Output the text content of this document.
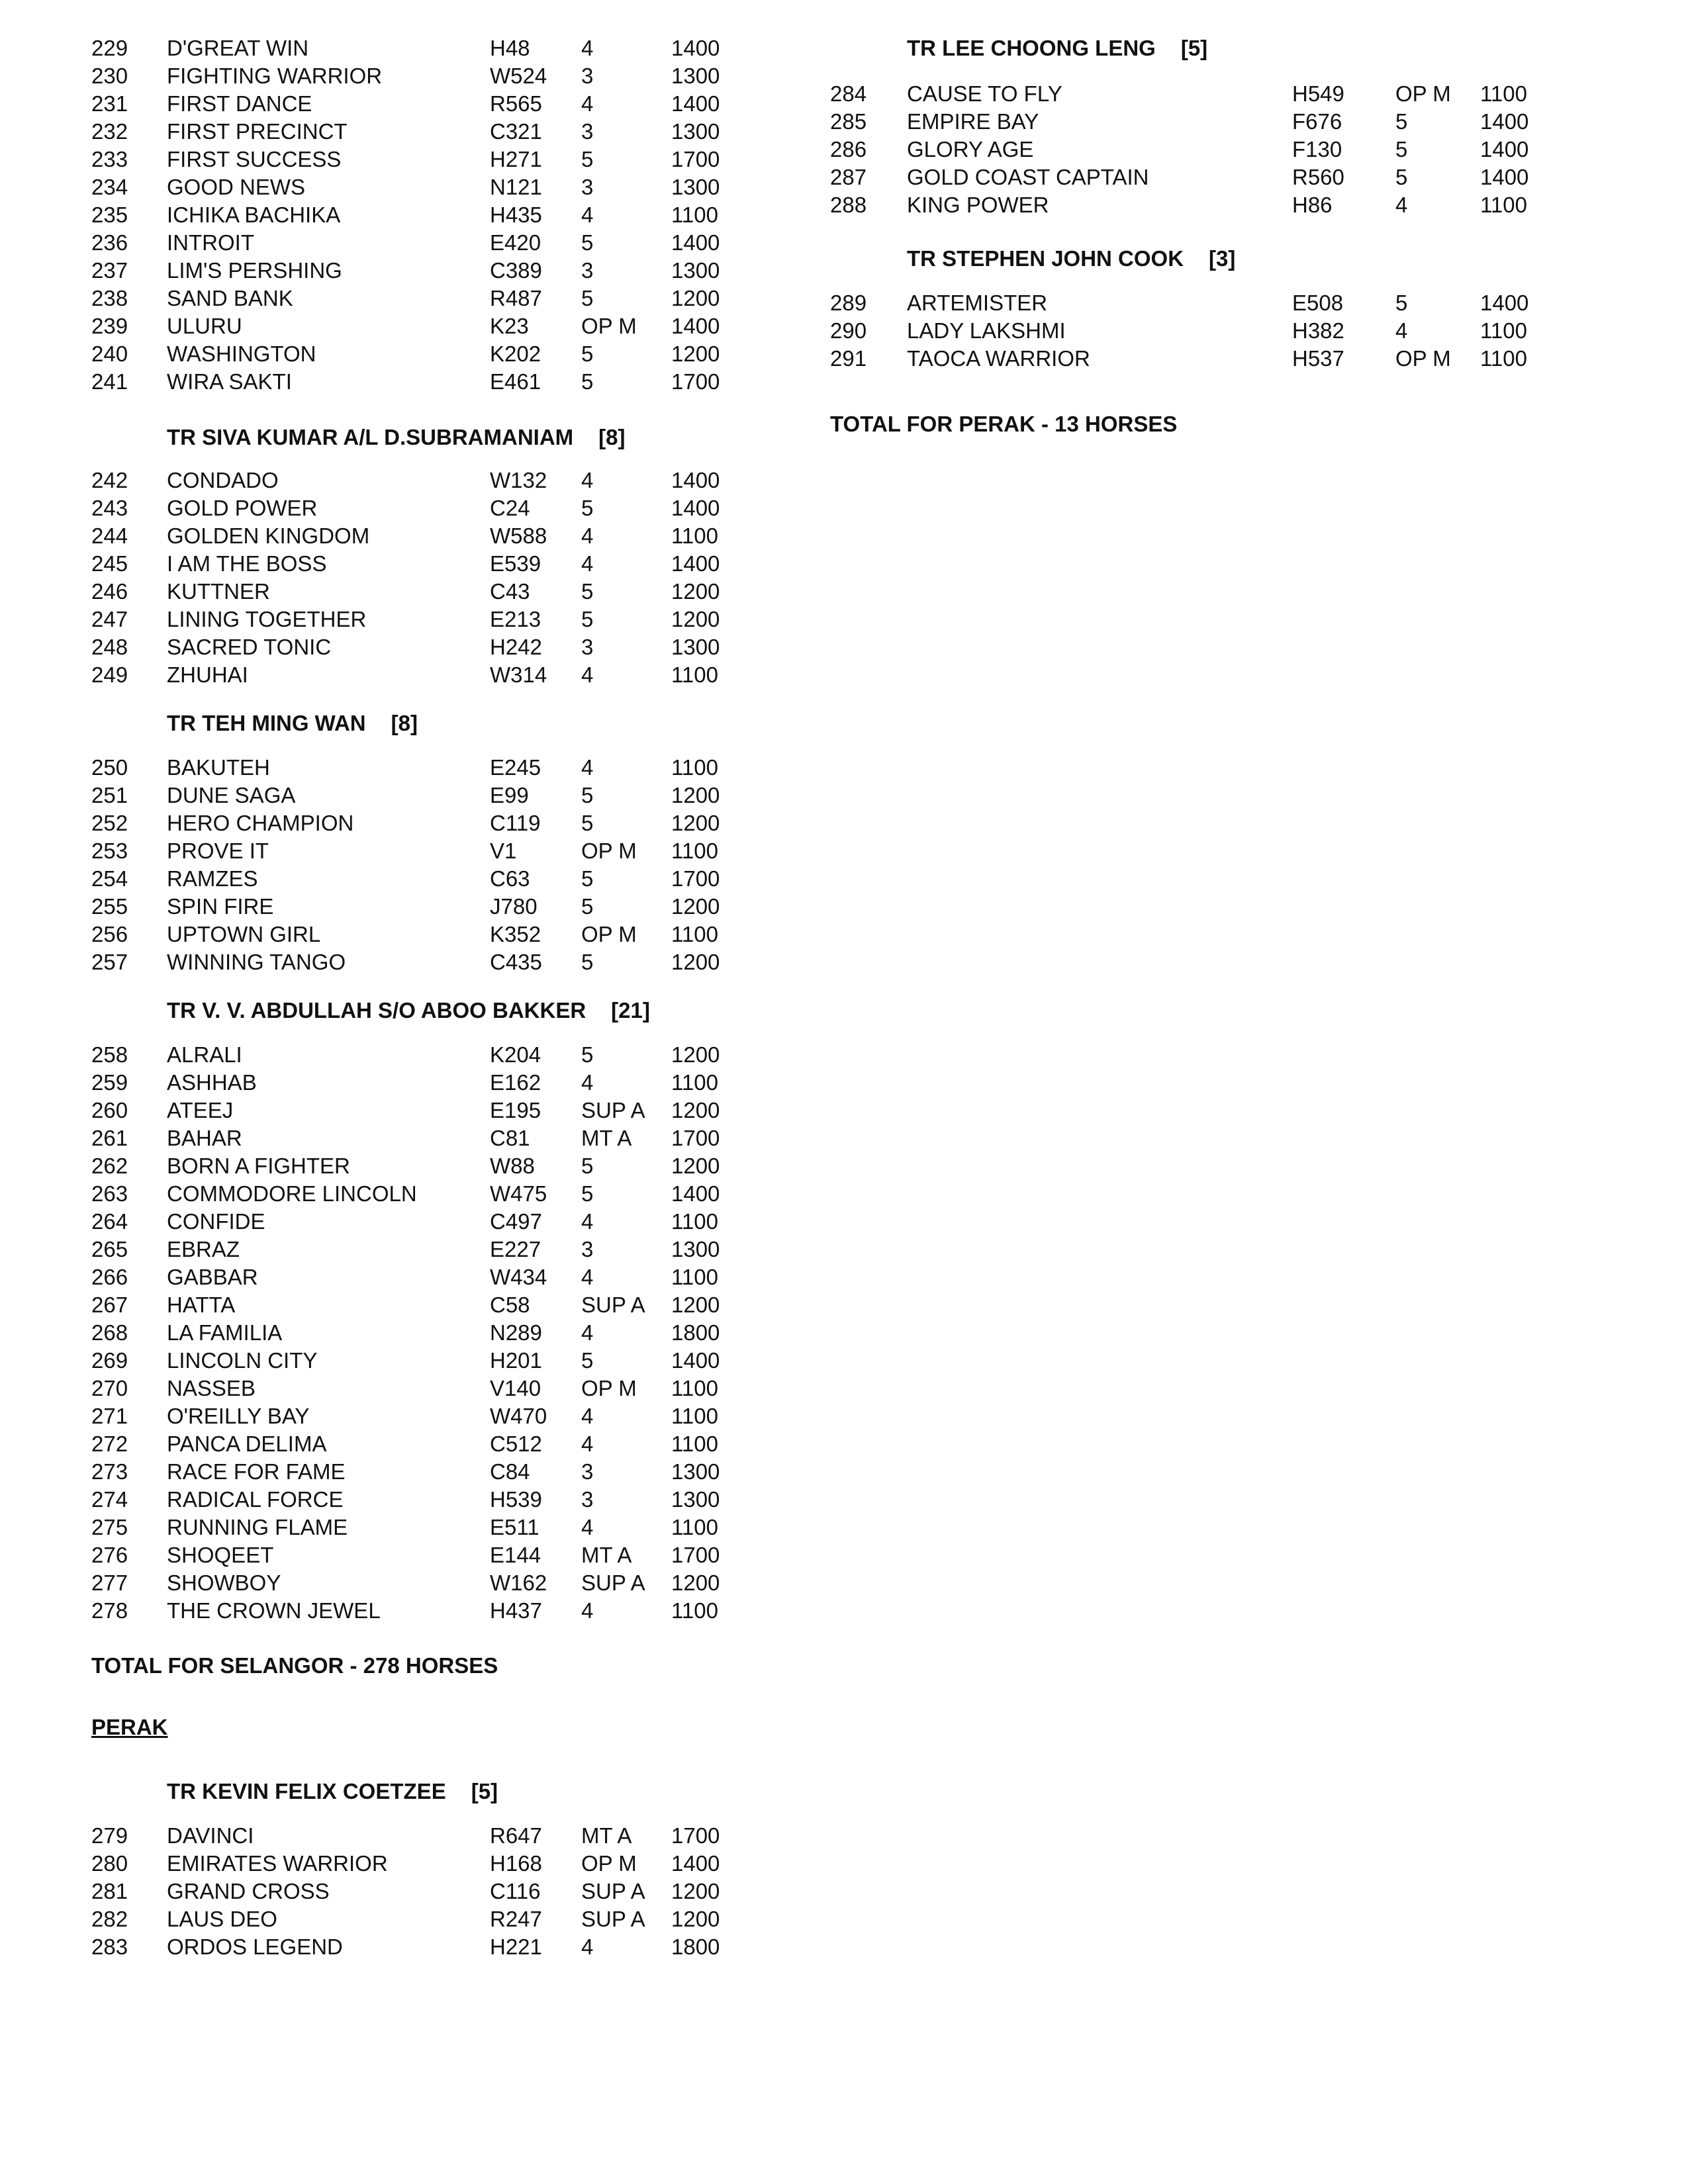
229 D'GREAT WIN	H48 4	1400
230 FIGHTING WARRIOR	W524 3	1300
231 FIRST DANCE	R565 4	1400
232 FIRST PRECINCT	C321 3	1300
233 FIRST SUCCESS	H271 5	1700
234 GOOD NEWS	N121 3	1300
235 ICHIKA BACHIKA	H435 4	1100
236 INTROIT	E420 5	1400
237 LIM'S PERSHING	C389 3	1300
238 SAND BANK	R487 5	1200
239 ULURU	K23 OP M 1400
240 WASHINGTON	K202 5	1200
241 WIRA SAKTI	E461 5	1700
TR SIVA KUMAR A/L D.SUBRAMANIAM [8]
242 CONDADO	W132 4	1400
243 GOLD POWER	C24 5	1400
244 GOLDEN KINGDOM	W588 4	1100
245 I AM THE BOSS	E539 4	1400
246 KUTTNER	C43 5	1200
247 LINING TOGETHER	E213 5	1200
248 SACRED TONIC	H242 3	1300
249 ZHUHAI	W314 4	1100
TR TEH MING WAN [8]
250 BAKUTEH	E245 4	1100
251 DUNE SAGA	E99 5	1200
252 HERO CHAMPION	C119 5	1200
253 PROVE IT	V1	OP M 1100
254 RAMZES	C63 5	1700
255 SPIN FIRE	J780 5	1200
256 UPTOWN GIRL	K352 OP M 1100
257 WINNING TANGO	C435 5	1200
TR V. V. ABDULLAH S/O ABOO BAKKER [21]
258 ALRALI	K204 5	1200
259 ASHHAB	E162 4	1100
260 ATEEJ	E195 SUP A 1200
261 BAHAR	C81 MT A 1700
262 BORN A FIGHTER	W88 5	1200
263 COMMODORE LINCOLN	W475 5	1400
264 CONFIDE	C497 4	1100
265 EBRAZ	E227 3	1300
266 GABBAR	W434 4	1100
267 HATTA	C58 SUP A 1200
268 LA FAMILIA	N289 4	1800
269 LINCOLN CITY	H201 5	1400
270 NASSEB	V140 OP M 1100
271 O'REILLY BAY	W470 4	1100
272 PANCA DELIMA	C512 4	1100
273 RACE FOR FAME	C84 3	1300
274 RADICAL FORCE	H539 3	1300
275 RUNNING FLAME	E511 4	1100
276 SHOQEET	E144 MT A 1700
277 SHOWBOY	W162 SUP A 1200
278 THE CROWN JEWEL	H437 4	1100
TOTAL FOR SELANGOR - 278 HORSES
PERAK
TR KEVIN FELIX COETZEE [5]
279 DAVINCI	R647 MT A 1700
280 EMIRATES WARRIOR	H168 OP M 1400
281 GRAND CROSS	C116 SUP A 1200
282 LAUS DEO	R247 SUP A 1200
283 ORDOS LEGEND	H221 4	1800
TR LEE CHOONG LENG [5]
284 CAUSE TO FLY	H549 OP M 1100
285 EMPIRE BAY	F676 5	1400
286 GLORY AGE	F130 5	1400
287 GOLD COAST CAPTAIN	R560 5	1400
288 KING POWER	H86	4	1100
TR STEPHEN JOHN COOK [3]
289 ARTEMISTER	E508 5	1400
290 LADY LAKSHMI	H382 4	1100
291 TAOCA WARRIOR	H537 OP M 1100
TOTAL FOR PERAK - 13 HORSES
